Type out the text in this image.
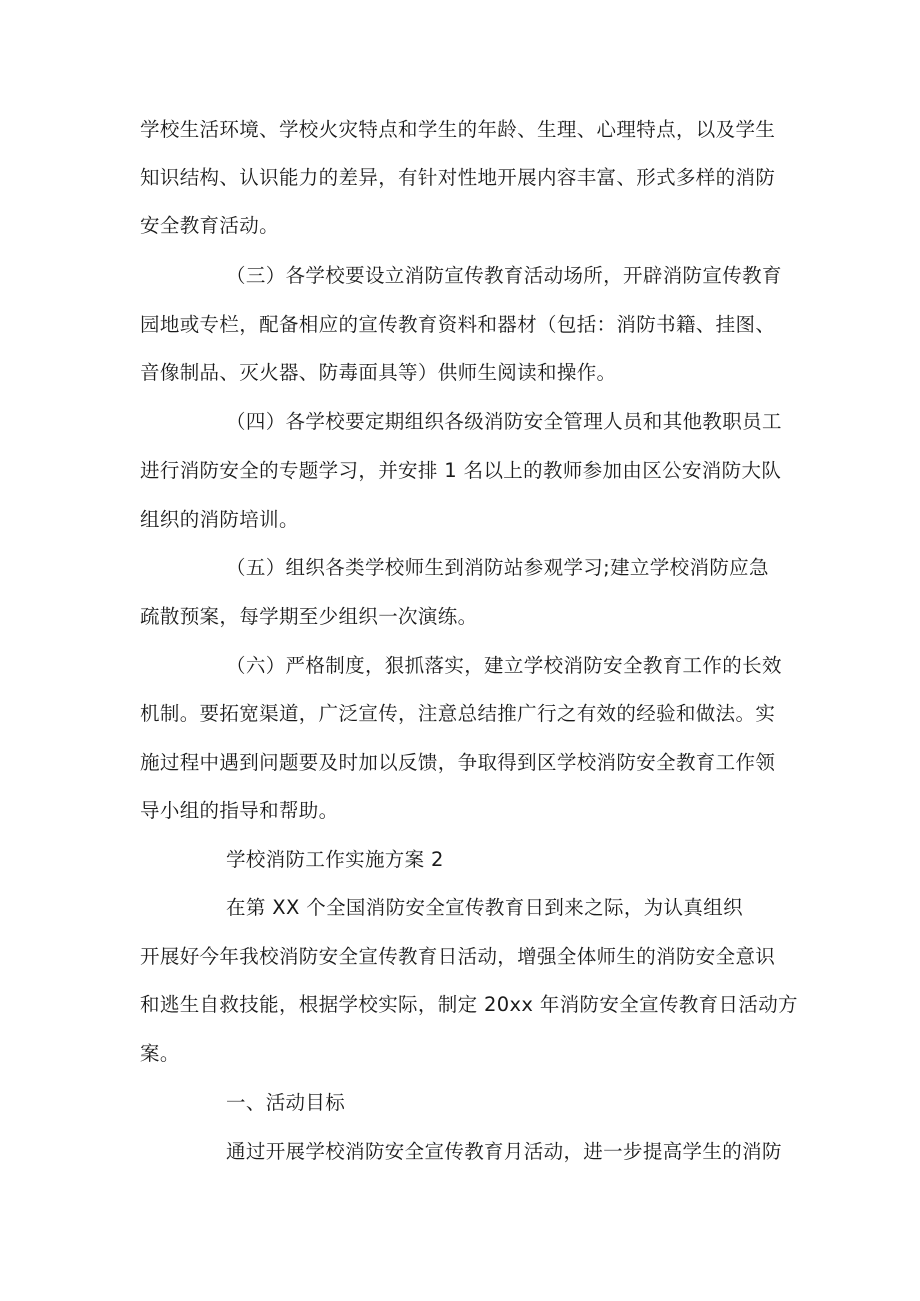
学校生活环境、学校火灾特点和学生的年龄、生理、心理特点，以及学生

知识结构、认识能力的差异，有针对性地开展内容丰富、形式多样的消防

安全教育活动。

（三）各学校要设立消防宣传教育活动场所，开辟消防宣传教育

园地或专栏，配备相应的宣传教育资料和器材（包括：消防书籍、挂图、

音像制品、灭火器、防毒面具等）供师生阅读和操作。

（四）各学校要定期组织各级消防安全管理人员和其他教职员工

进行消防安全的专题学习，并安排 1 名以上的教师参加由区公安消防大队

组织的消防培训。

（五）组织各类学校师生到消防站参观学习;建立学校消防应急

疏散预案，每学期至少组织一次演练。

（六）严格制度，狠抓落实，建立学校消防安全教育工作的长效

机制。要拓宽渠道，广泛宣传，注意总结推广行之有效的经验和做法。实

施过程中遇到问题要及时加以反馈，争取得到区学校消防安全教育工作领

导小组的指导和帮助。

学校消防工作实施方案 2

在第 XX 个全国消防安全宣传教育日到来之际，为认真组织

开展好今年我校消防安全宣传教育日活动，增强全体师生的消防安全意识

和逃生自救技能，根据学校实际，制定 20xx 年消防安全宣传教育日活动方

案。

一、活动目标

通过开展学校消防安全宣传教育月活动，进一步提高学生的消防
